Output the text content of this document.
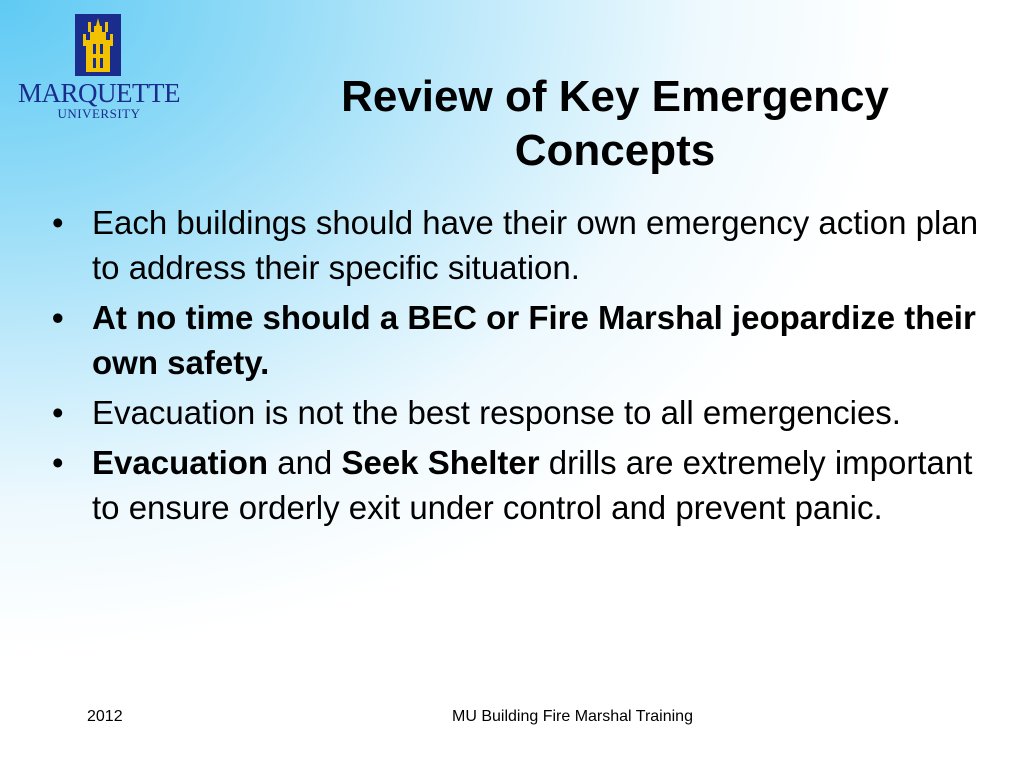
MARQUETTE
UNIVERSITY	Review of Key Emergency
Concepts
• Each buildings should have their own emergency action plan to address their specific situation.
• At no time should a BEC or Fire Marshal jeopardize their own safety.
• Evacuation is not the best response to all emergencies.
• Evacuation and Seek Shelter drills are extremely important to ensure orderly exit under control and prevent panic.
2012	MU Building Fire Marshal Training
